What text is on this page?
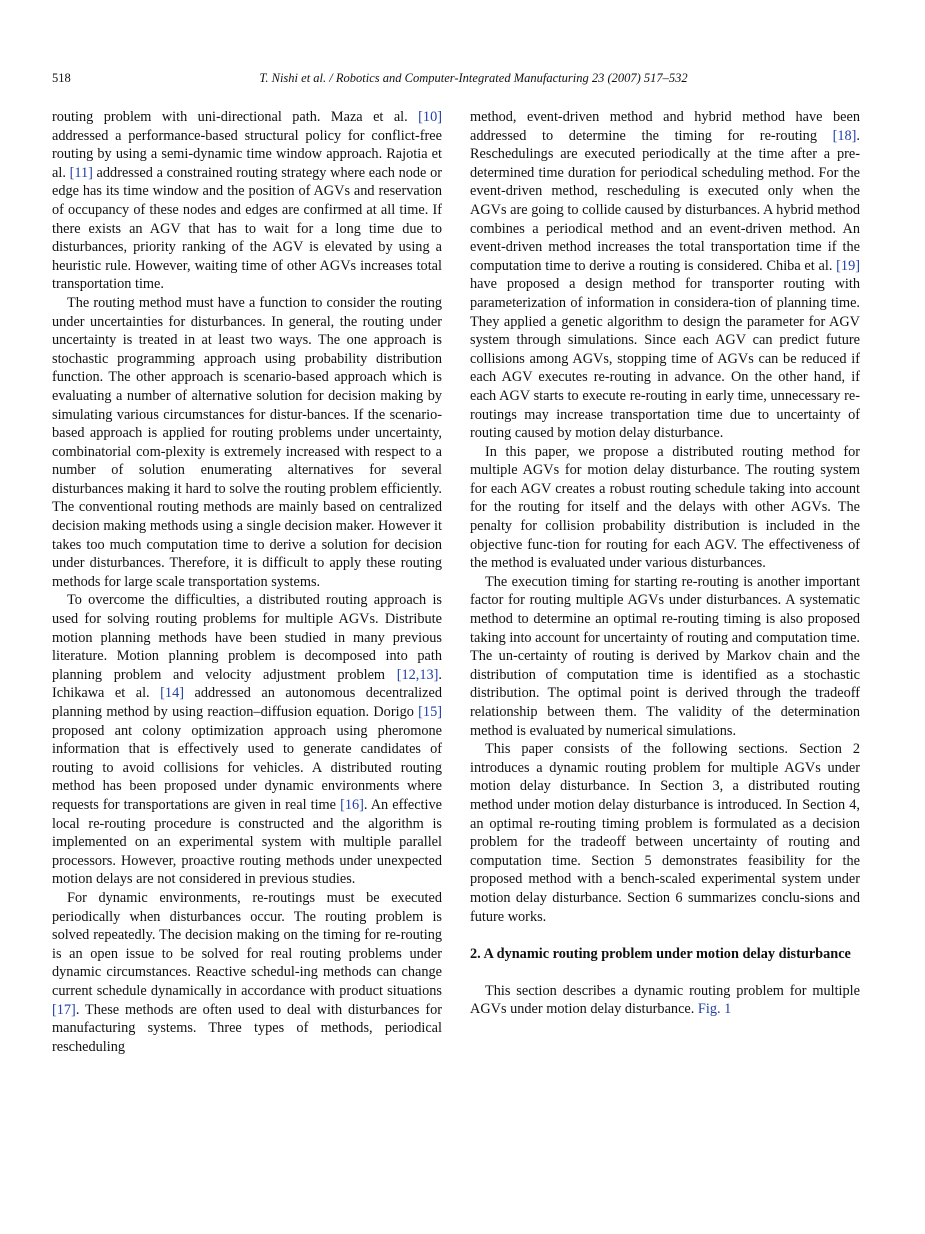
518	T. Nishi et al. / Robotics and Computer-Integrated Manufacturing 23 (2007) 517–532

routing problem with uni-directional path. Maza et al. [10] addressed a performance-based structural policy for conflict-free routing by using a semi-dynamic time window approach. Rajotia et al. [11] addressed a constrained routing strategy where each node or edge has its time window and the position of AGVs and reservation of occupancy of these nodes and edges are confirmed at all time. If there exists an AGV that has to wait for a long time due to disturbances, priority ranking of the AGV is elevated by using a heuristic rule. However, waiting time of other AGVs increases total transportation time.

The routing method must have a function to consider the routing under uncertainties for disturbances. In general, the routing under uncertainty is treated in at least two ways. The one approach is stochastic programming approach using probability distribution function. The other approach is scenario-based approach which is evaluating a number of alternative solution for decision making by simulating various circumstances for distur-bances. If the scenario-based approach is applied for routing problems under uncertainty, combinatorial com-plexity is extremely increased with respect to a number of solution enumerating alternatives for several disturbances making it hard to solve the routing problem efficiently. The conventional routing methods are mainly based on centralized decision making methods using a single decision maker. However it takes too much computation time to derive a solution for decision under disturbances. Therefore, it is difficult to apply these routing methods for large scale transportation systems.

To overcome the difficulties, a distributed routing approach is used for solving routing problems for multiple AGVs. Distribute motion planning methods have been studied in many previous literature. Motion planning problem is decomposed into path planning problem and velocity adjustment problem [12,13]. Ichikawa et al. [14] addressed an autonomous decentralized planning method by using reaction–diffusion equation. Dorigo [15] proposed ant colony optimization approach using pheromone information that is effectively used to generate candidates of routing to avoid collisions for vehicles. A distributed routing method has been proposed under dynamic environments where requests for transportations are given in real time [16]. An effective local re-routing procedure is constructed and the algorithm is implemented on an experimental system with multiple parallel processors. However, proactive routing methods under unexpected motion delays are not considered in previous studies.

For dynamic environments, re-routings must be executed periodically when disturbances occur. The routing problem is solved repeatedly. The decision making on the timing for re-routing is an open issue to be solved for real routing problems under dynamic circumstances. Reactive schedul-ing methods can change current schedule dynamically in accordance with product situations [17]. These methods are often used to deal with disturbances for manufacturing systems. Three types of methods, periodical rescheduling

method, event-driven method and hybrid method have been addressed to determine the timing for re-routing [18]. Reschedulings are executed periodically at the time after a pre-determined time duration for periodical scheduling method. For the event-driven method, rescheduling is executed only when the AGVs are going to collide caused by disturbances. A hybrid method combines a periodical method and an event-driven method. An event-driven method increases the total transportation time if the computation time to derive a routing is considered. Chiba et al. [19] have proposed a design method for transporter routing with parameterization of information in considera-tion of planning time. They applied a genetic algorithm to design the parameter for AGV system through simulations. Since each AGV can predict future collisions among AGVs, stopping time of AGVs can be reduced if each AGV executes re-routing in advance. On the other hand, if each AGV starts to execute re-routing in early time, unnecessary re-routings may increase transportation time due to uncertainty of routing caused by motion delay disturbance.

In this paper, we propose a distributed routing method for multiple AGVs for motion delay disturbance. The routing system for each AGV creates a robust routing schedule taking into account for the routing for itself and the delays with other AGVs. The penalty for collision probability distribution is included in the objective func-tion for routing for each AGV. The effectiveness of the method is evaluated under various disturbances.

The execution timing for starting re-routing is another important factor for routing multiple AGVs under disturbances. A systematic method to determine an optimal re-routing timing is also proposed taking into account for uncertainty of routing and computation time. The un-certainty of routing is derived by Markov chain and the distribution of computation time is identified as a stochastic distribution. The optimal point is derived through the tradeoff relationship between them. The validity of the determination method is evaluated by numerical simulations.

This paper consists of the following sections. Section 2 introduces a dynamic routing problem for multiple AGVs under motion delay disturbance. In Section 3, a distributed routing method under motion delay disturbance is introduced. In Section 4, an optimal re-routing timing problem is formulated as a decision problem for the tradeoff between uncertainty of routing and computation time. Section 5 demonstrates feasibility for the proposed method with a bench-scaled experimental system under motion delay disturbance. Section 6 summarizes conclu-sions and future works.

2. A dynamic routing problem under motion delay disturbance

This section describes a dynamic routing problem for multiple AGVs under motion delay disturbance. Fig. 1
